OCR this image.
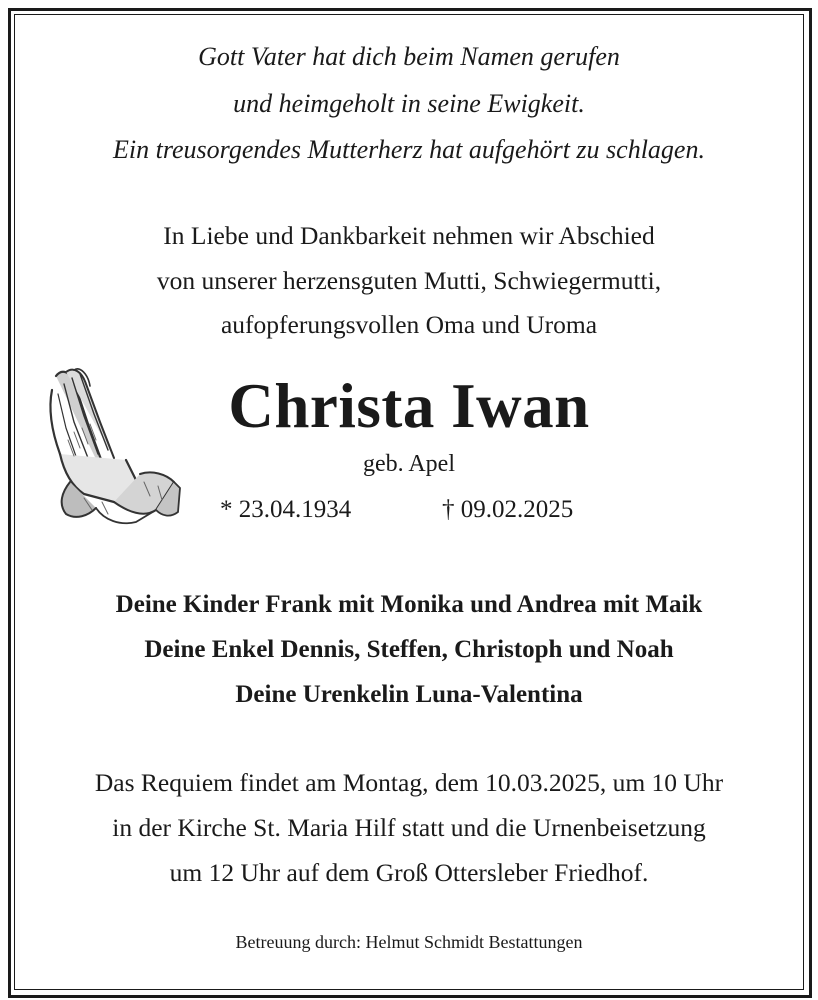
Gott Vater hat dich beim Namen gerufen
und heimgeholt in seine Ewigkeit.
Ein treusorgendes Mutterherz hat aufgehört zu schlagen.
In Liebe und Dankbarkeit nehmen wir Abschied
von unserer herzensguten Mutti, Schwiegermutti,
aufopferungsvollen Oma und Uroma
Christa Iwan
geb. Apel
* 23.04.1934	† 09.02.2025
Deine Kinder Frank mit Monika und Andrea mit Maik
Deine Enkel Dennis, Steffen, Christoph und Noah
Deine Urenkelin Luna-Valentina
Das Requiem findet am Montag, dem 10.03.2025, um 10 Uhr
in der Kirche St. Maria Hilf statt und die Urnenbeisetzung
um 12 Uhr auf dem Groß Ottersleber Friedhof.
Betreuung durch: Helmut Schmidt Bestattungen
